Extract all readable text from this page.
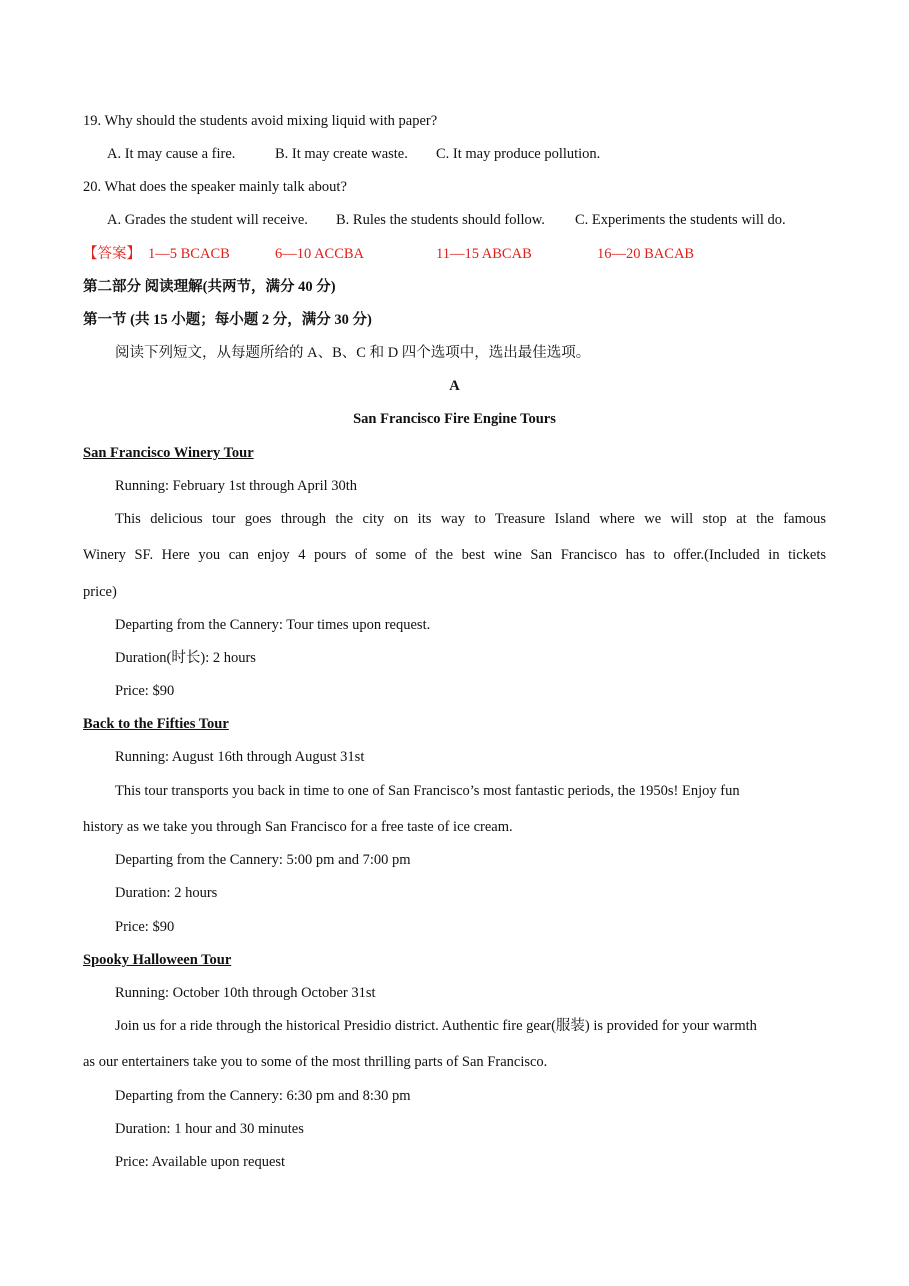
19. Why should the students avoid mixing liquid with paper?
A. It may cause a fire.	B. It may create waste. C. It may produce pollution.
20. What does the speaker mainly talk about?
A. Grades the student will receive. B. Rules the students should follow. C. Experiments the students will do.
【答案】 1—5 BCACB	6—10 ACCBA	11—15 ABCAB	16—20 BACAB
第二部分 阅读理解(共两节，满分 40 分)
第一节 (共 15 小题；每小题 2 分，满分 30 分)
阅读下列短文，从每题所给的 A、B、C 和 D 四个选项中，选出最佳选项。
A
San Francisco Fire Engine Tours
San Francisco Winery Tour
Running: February 1st through April 30th
This delicious tour goes through the city on its way to Treasure Island where we will stop at the famous
Winery SF. Here you can enjoy 4 pours of some of the best wine San Francisco has to offer.(Included in tickets
price)
Departing from the Cannery: Tour times upon request.
Duration(时长): 2 hours
Price: $90
Back to the Fifties Tour
Running: August 16th through August 31st
This tour transports you back in time to one of San Francisco’s most fantastic periods, the 1950s! Enjoy fun
history as we take you through San Francisco for a free taste of ice cream.
Departing from the Cannery: 5:00 pm and 7:00 pm
Duration: 2 hours
Price: $90
Spooky Halloween Tour
Running: October 10th through October 31st
Join us for a ride through the historical Presidio district. Authentic fire gear(服装) is provided for your warmth
as our entertainers take you to some of the most thrilling parts of San Francisco.
Departing from the Cannery: 6:30 pm and 8:30 pm
Duration: 1 hour and 30 minutes
Price: Available upon request
